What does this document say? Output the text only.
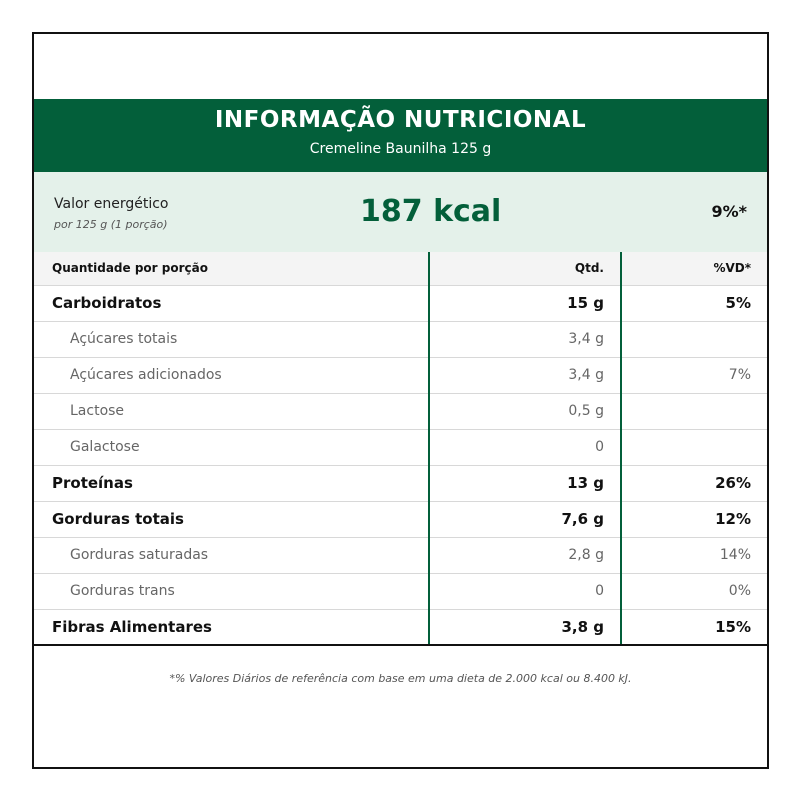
INFORMAÇÃO NUTRICIONAL
Cremeline Baunilha 125 g
Valor energético
por 125 g (1 porção)	187 kcal	9%*
Quantidade por porção	Qtd.	%VD*
Carboidratos	15 g	5%
Açúcares totais	3,4 g	
Açúcares adicionados	3,4 g	7%
Lactose	0,5 g	
Galactose	0	
Proteínas	13 g	26%
Gorduras totais	7,6 g	12%
Gorduras saturadas	2,8 g	14%
Gorduras trans	0	0%
Fibras Alimentares	3,8 g	15%
*% Valores Diários de referência com base em uma dieta de 2.000 kcal ou 8.400 kJ.
